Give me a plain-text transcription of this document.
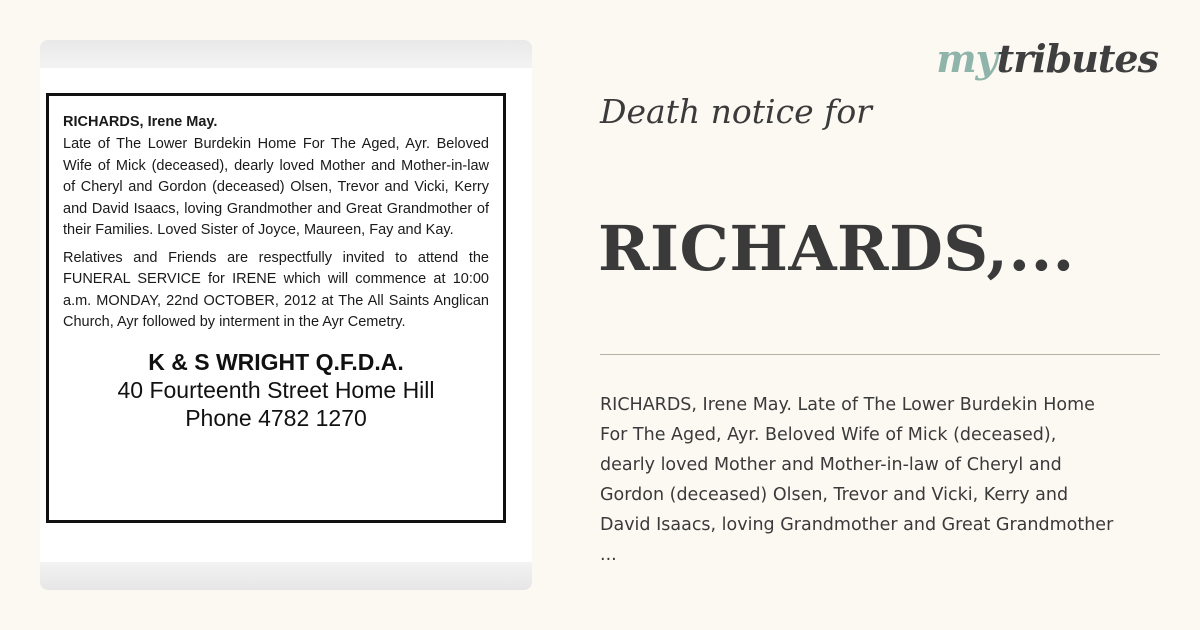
RICHARDS, Irene May.

Late of The Lower Burdekin Home For The Aged, Ayr. Beloved Wife of Mick (deceased), dearly loved Mother and Mother-in-law of Cheryl and Gordon (deceased) Olsen, Trevor and Vicki, Kerry and David Isaacs, loving Grandmother and Great Grandmother of their Families. Loved Sister of Joyce, Maureen, Fay and Kay.

Relatives and Friends are respectfully invited to attend the FUNERAL SERVICE for IRENE which will commence at 10:00 a.m. MONDAY, 22nd OCTOBER, 2012 at The All Saints Anglican Church, Ayr followed by interment in the Ayr Cemetry.

K & S WRIGHT Q.F.D.A.
40 Fourteenth Street Home Hill
Phone 4782 1270
mytributes
Death notice for
RICHARDS,...
RICHARDS, Irene May. Late of The Lower Burdekin Home
For The Aged, Ayr. Beloved Wife of Mick (deceased),
dearly loved Mother and Mother-in-law of Cheryl and
Gordon (deceased) Olsen, Trevor and Vicki, Kerry and
David Isaacs, loving Grandmother and Great Grandmother
...
